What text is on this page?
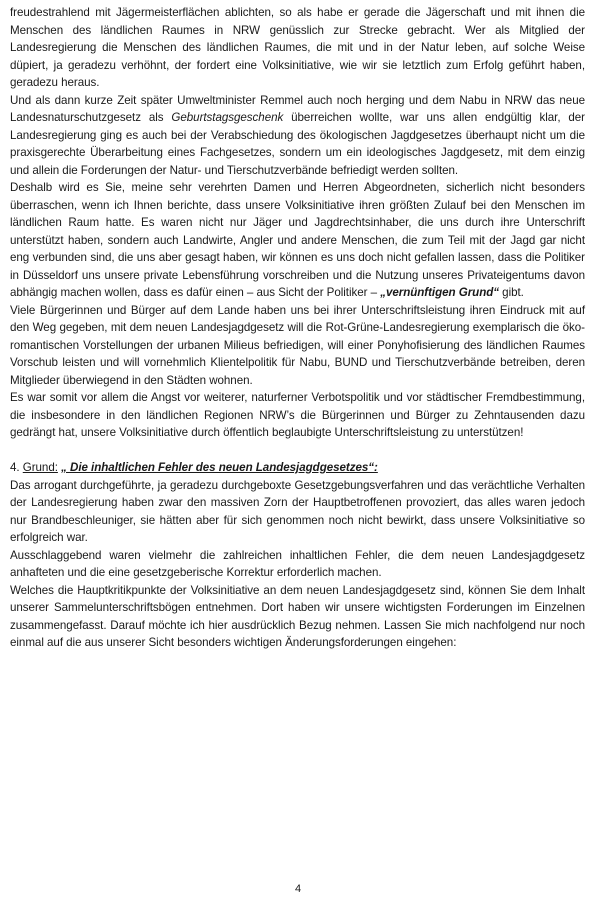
freudestrahlend mit Jägermeisterflächen ablichten, so als habe er gerade die Jägerschaft und mit ihnen die Menschen des ländlichen Raumes in NRW genüsslich zur Strecke gebracht. Wer als Mitglied der Landesregierung die Menschen des ländlichen Raumes, die mit und in der Natur leben, auf solche Weise düpiert, ja geradezu verhöhnt, der fordert eine Volksinitiative, wie wir sie letztlich zum Erfolg geführt haben, geradezu heraus.

Und als dann kurze Zeit später Umweltminister Remmel auch noch herging und dem Nabu in NRW das neue Landesnaturschutzgesetz als Geburtstagsgeschenk überreichen wollte, war uns allen endgültig klar, der Landesregierung ging es auch bei der Verabschiedung des ökologischen Jagdgesetzes überhaupt nicht um die praxisgerechte Überarbeitung eines Fachgesetzes, sondern um ein ideologisches Jagdgesetz, mit dem einzig und allein die Forderungen der Natur- und Tierschutzverbände befriedigt werden sollten.

Deshalb wird es Sie, meine sehr verehrten Damen und Herren Abgeordneten, sicherlich nicht besonders überraschen, wenn ich Ihnen berichte, dass unsere Volksinitiative ihren größten Zulauf bei den Menschen im ländlichen Raum hatte. Es waren nicht nur Jäger und Jagdrechtsinhaber, die uns durch ihre Unterschrift unterstützt haben, sondern auch Landwirte, Angler und andere Menschen, die zum Teil mit der Jagd gar nicht eng verbunden sind, die uns aber gesagt haben, wir können es uns doch nicht gefallen lassen, dass die Politiker in Düsseldorf uns unsere private Lebensführung vorschreiben und die Nutzung unseres Privateigentums davon abhängig machen wollen, dass es dafür einen – aus Sicht der Politiker – „vernünftigen Grund“ gibt.

Viele Bürgerinnen und Bürger auf dem Lande haben uns bei ihrer Unterschriftsleistung ihren Eindruck mit auf den Weg gegeben, mit dem neuen Landesjagdgesetz will die Rot-Grüne-Landesregierung exemplarisch die öko-romantischen Vorstellungen der urbanen Milieus befriedigen, will einer Ponyhofisierung des ländlichen Raumes Vorschub leisten und will vornehmlich Klientelpolitik für Nabu, BUND und Tierschutzverbände betreiben, deren Mitglieder überwiegend in den Städten wohnen.

Es war somit vor allem die Angst vor weiterer, naturferner Verbotspolitik und vor städtischer Fremdbestimmung, die insbesondere in den ländlichen Regionen NRW’s die Bürgerinnen und Bürger zu Zehntausenden dazu gedrängt hat, unsere Volksinitiative durch öffentlich beglaubigte Unterschriftsleistung zu unterstützen!

4. Grund: „ Die inhaltlichen Fehler des neuen Landesjagdgesetzes“:

Das arrogant durchgeführte, ja geradezu durchgeboxte Gesetzgebungsverfahren und das verächtliche Verhalten der Landesregierung haben zwar den massiven Zorn der Hauptbetroffenen provoziert, das alles waren jedoch nur Brandbeschleuniger, sie hätten aber für sich genommen noch nicht bewirkt, dass unsere Volksinitiative so erfolgreich war.

Ausschlaggebend waren vielmehr die zahlreichen inhaltlichen Fehler, die dem neuen Landesjagdgesetz anhafteten und die eine gesetzgeberische Korrektur erforderlich machen.

Welches die Hauptkritikpunkte der Volksinitiative an dem neuen Landesjagdgesetz sind, können Sie dem Inhalt unserer Sammelunterschriftsbögen entnehmen. Dort haben wir unsere wichtigsten Forderungen im Einzelnen zusammengefasst. Darauf möchte ich hier ausdrücklich Bezug nehmen. Lassen Sie mich nachfolgend nur noch einmal auf die aus unserer Sicht besonders wichtigen Änderungsforderungen eingehen:

4
